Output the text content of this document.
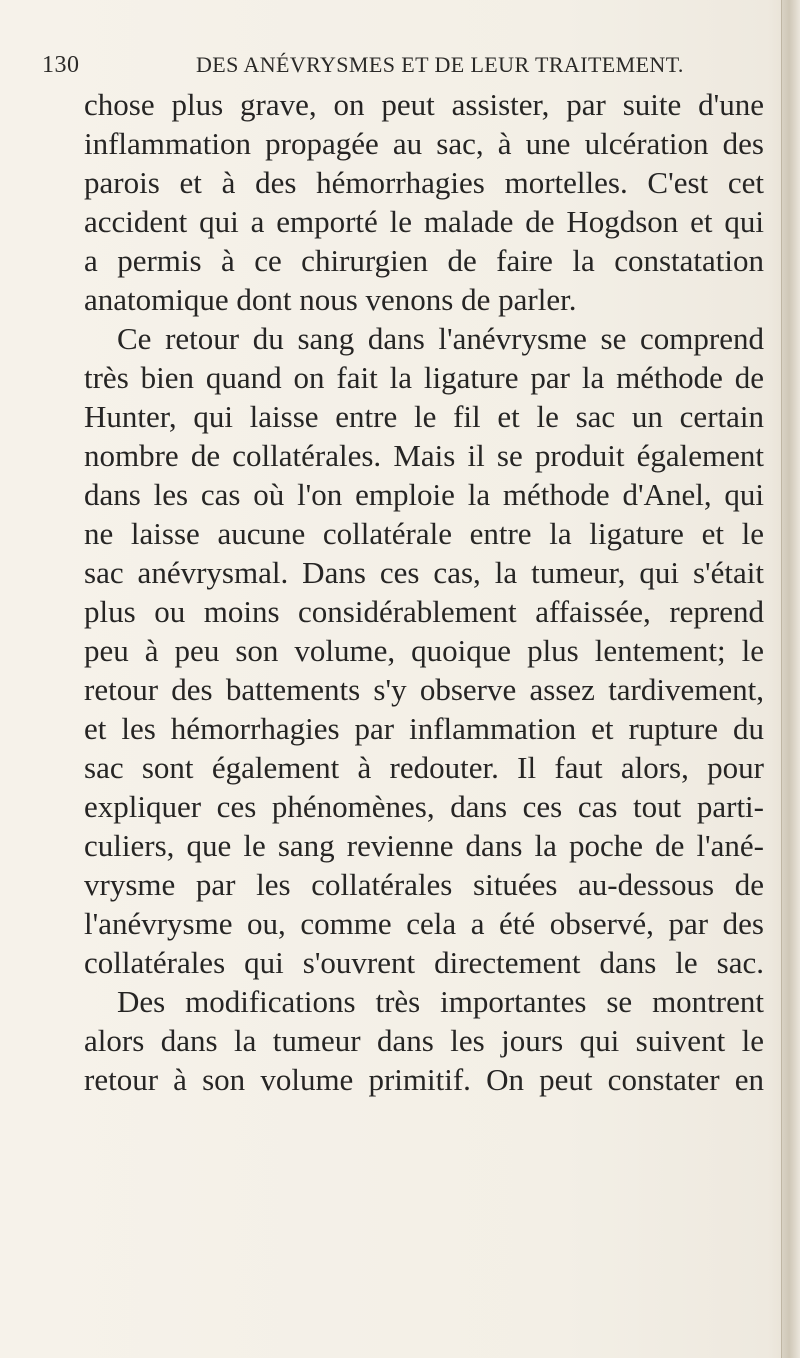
130	DES ANÉVRYSMES ET DE LEUR TRAITEMENT.
chose plus grave, on peut assister, par suite d'une
inflammation propagée au sac, à une ulcération des
parois et à des hémorrhagies mortelles. C'est cet
accident qui a emporté le malade de Hogdson et qui
a permis à ce chirurgien de faire la constatation
anatomique dont nous venons de parler.
Ce retour du sang dans l'anévrysme se comprend
très bien quand on fait la ligature par la méthode de
Hunter, qui laisse entre le fil et le sac un certain
nombre de collatérales. Mais il se produit également
dans les cas où l'on emploie la méthode d'Anel, qui
ne laisse aucune collatérale entre la ligature et le
sac anévrysmal. Dans ces cas, la tumeur, qui s'était
plus ou moins considérablement affaissée, reprend
peu à peu son volume, quoique plus lentement; le
retour des battements s'y observe assez tardivement,
et les hémorrhagies par inflammation et rupture du
sac sont également à redouter. Il faut alors, pour
expliquer ces phénomènes, dans ces cas tout parti-
culiers, que le sang revienne dans la poche de l'ané-
vrysme par les collatérales situées au-dessous de
l'anévrysme ou, comme cela a été observé, par des
collatérales qui s'ouvrent directement dans le sac.
Des modifications très importantes se montrent
alors dans la tumeur dans les jours qui suivent le
retour à son volume primitif. On peut constater en
